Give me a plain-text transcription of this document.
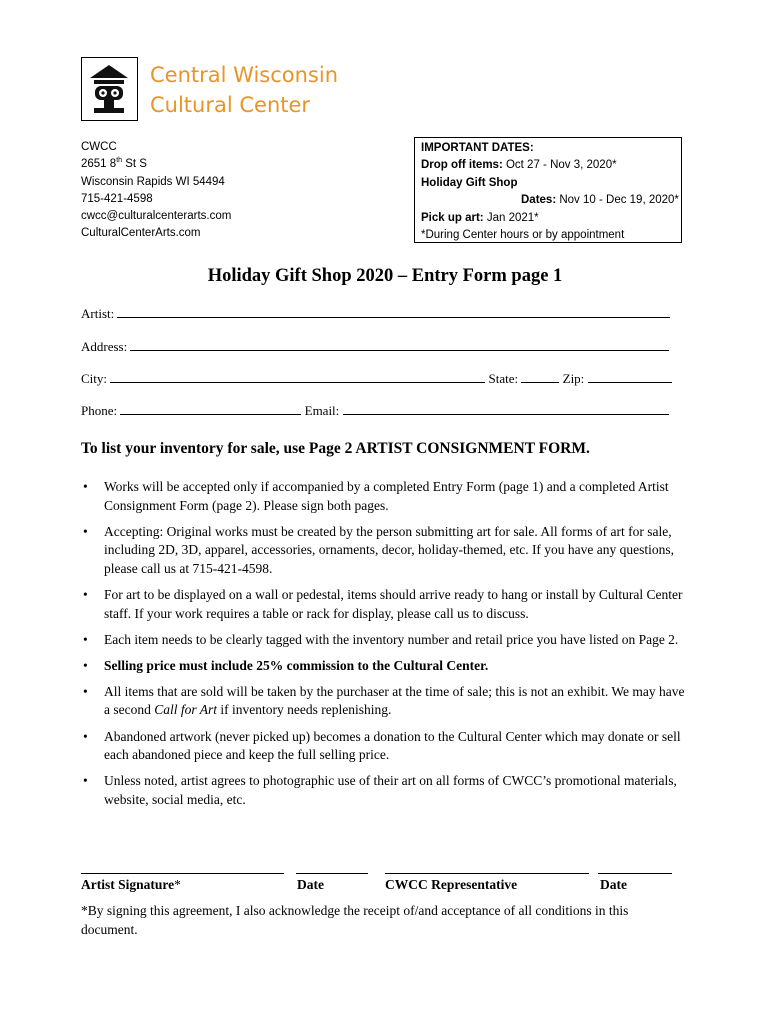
Central Wisconsin
Cultural Center
CWCC
2651 8th St S
Wisconsin Rapids WI 54494
715-421-4598
cwcc@culturalcenterarts.com
CulturalCenterArts.com
IMPORTANT DATES:
Drop off items: Oct 27 - Nov 3, 2020*
Holiday Gift Shop
Dates: Nov 10 - Dec 19, 2020*
Pick up art: Jan 2021*
*During Center hours or by appointment
Holiday Gift Shop 2020 – Entry Form page 1
Artist:
Address:
City:	State:	Zip:
Phone:	Email:
To list your inventory for sale, use Page 2 ARTIST CONSIGNMENT FORM.
• Works will be accepted only if accompanied by a completed Entry Form (page 1) and a completed Artist Consignment Form (page 2). Please sign both pages.
• Accepting: Original works must be created by the person submitting art for sale. All forms of art for sale, including 2D, 3D, apparel, accessories, ornaments, decor, holiday-themed, etc. If you have any questions, please call us at 715-421-4598.
• For art to be displayed on a wall or pedestal, items should arrive ready to hang or install by Cultural Center staff. If your work requires a table or rack for display, please call us to discuss.
• Each item needs to be clearly tagged with the inventory number and retail price you have listed on Page 2.
• Selling price must include 25% commission to the Cultural Center.
• All items that are sold will be taken by the purchaser at the time of sale; this is not an exhibit. We may have a second Call for Art if inventory needs replenishing.
• Abandoned artwork (never picked up) becomes a donation to the Cultural Center which may donate or sell each abandoned piece and keep the full selling price.
• Unless noted, artist agrees to photographic use of their art on all forms of CWCC’s promotional materials, website, social media, etc.
Artist Signature*	Date	CWCC Representative	Date
*By signing this agreement, I also acknowledge the receipt of/and acceptance of all conditions in this document.
